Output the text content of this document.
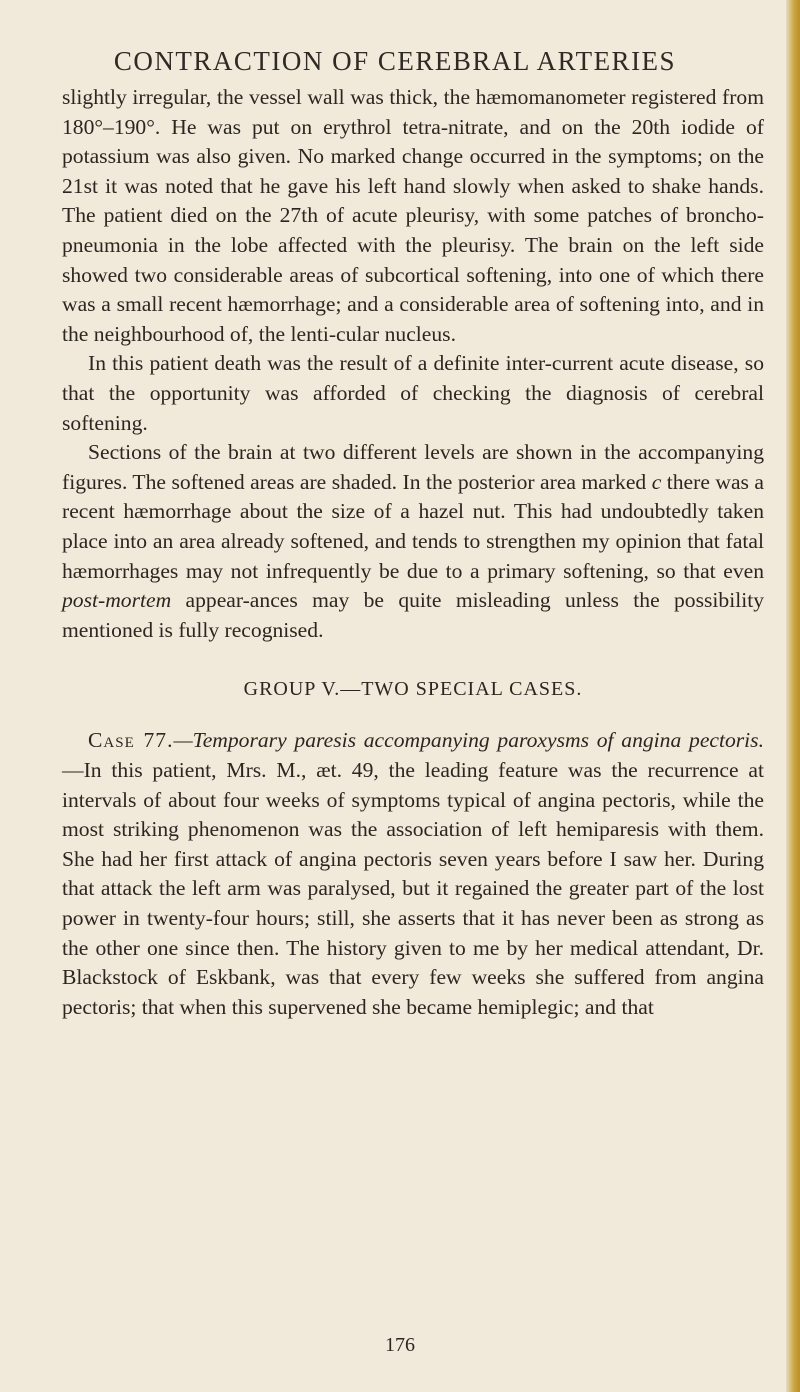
CONTRACTION OF CEREBRAL ARTERIES

slightly irregular, the vessel wall was thick, the hæmomanometer registered from 180°–190°. He was put on erythrol tetra-nitrate, and on the 20th iodide of potassium was also given. No marked change occurred in the symptoms; on the 21st it was noted that he gave his left hand slowly when asked to shake hands. The patient died on the 27th of acute pleurisy, with some patches of broncho-pneumonia in the lobe affected with the pleurisy. The brain on the left side showed two considerable areas of subcortical softening, into one of which there was a small recent hæmorrhage; and a considerable area of softening into, and in the neighbourhood of, the lenti-cular nucleus.

In this patient death was the result of a definite inter-current acute disease, so that the opportunity was afforded of checking the diagnosis of cerebral softening.

Sections of the brain at two different levels are shown in the accompanying figures. The softened areas are shaded. In the posterior area marked c there was a recent hæmorrhage about the size of a hazel nut. This had undoubtedly taken place into an area already softened, and tends to strengthen my opinion that fatal hæmorrhages may not infrequently be due to a primary softening, so that even post-mortem appear-ances may be quite misleading unless the possibility mentioned is fully recognised.

GROUP V.—TWO SPECIAL CASES.

Case 77.—Temporary paresis accompanying paroxysms of angina pectoris.—In this patient, Mrs. M., æt. 49, the leading feature was the recurrence at intervals of about four weeks of symptoms typical of angina pectoris, while the most striking phenomenon was the association of left hemiparesis with them. She had her first attack of angina pectoris seven years before I saw her. During that attack the left arm was paralysed, but it regained the greater part of the lost power in twenty-four hours; still, she asserts that it has never been as strong as the other one since then. The history given to me by her medical attendant, Dr. Blackstock of Eskbank, was that every few weeks she suffered from angina pectoris; that when this supervened she became hemiplegic; and that

176
